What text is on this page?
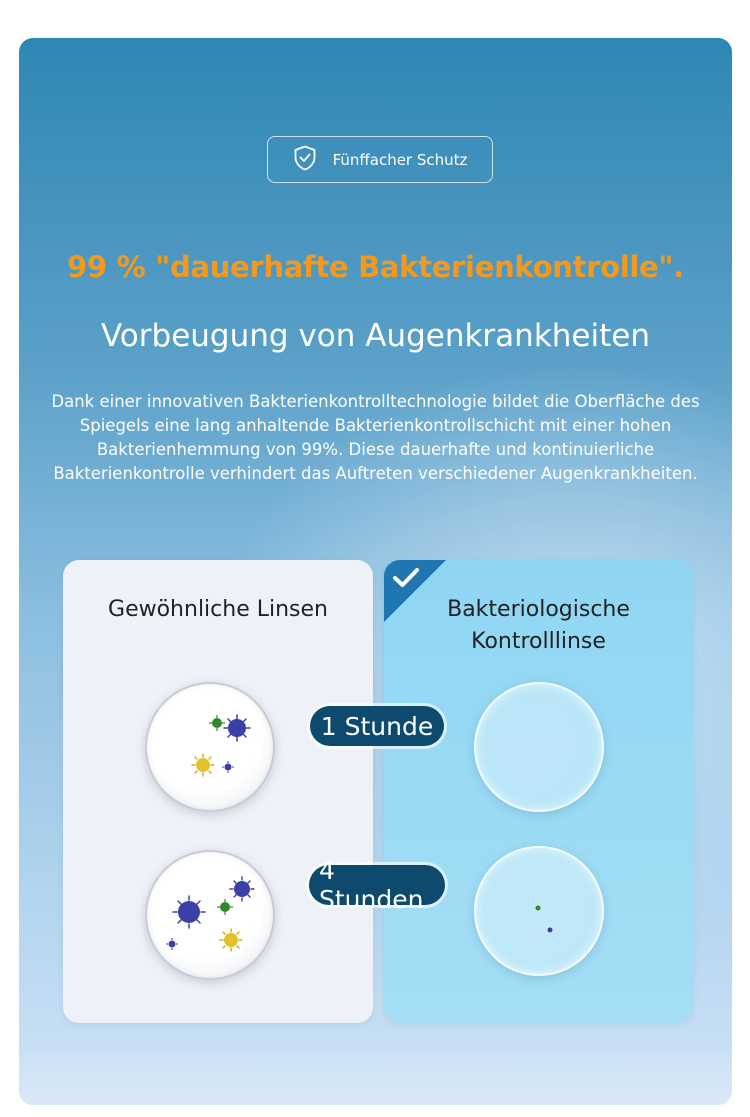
Fünffacher Schutz
99 % "dauerhafte Bakterienkontrolle".
Vorbeugung von Augenkrankheiten
Dank einer innovativen Bakterienkontrolltechnologie bildet die Oberfläche des
Spiegels eine lang anhaltende Bakterienkontrollschicht mit einer hohen
Bakterienhemmung von 99%. Diese dauerhafte und kontinuierliche
Bakterienkontrolle verhindert das Auftreten verschiedener Augenkrankheiten.
Gewöhnliche Linsen	Bakteriologische
Kontrolllinse
1 Stunde
4 Stunden
